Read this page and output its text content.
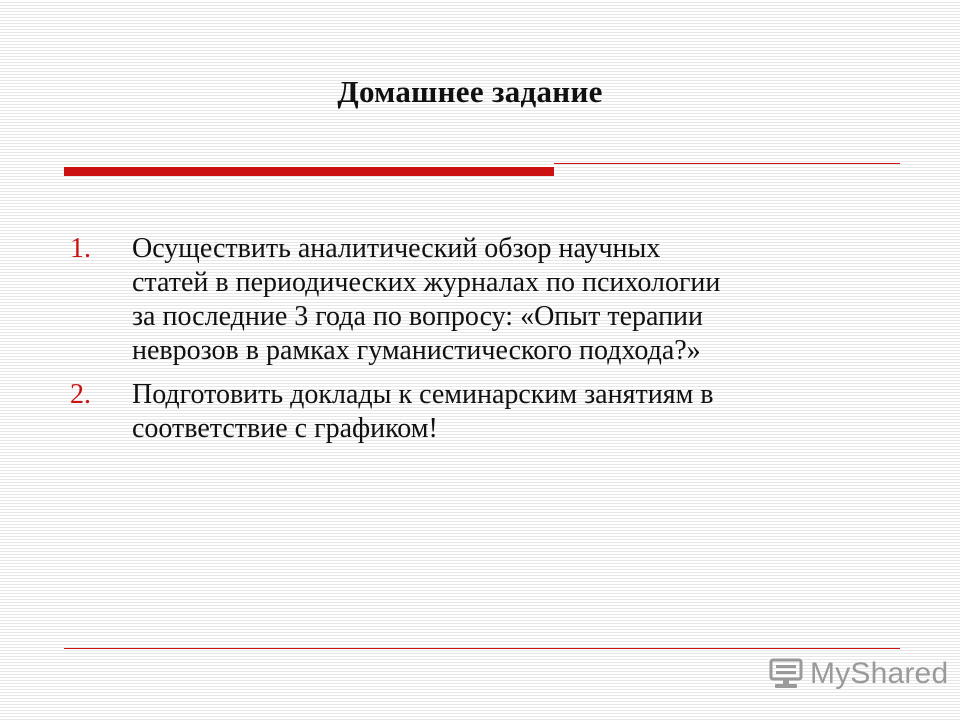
Домашнее задание
1.	Осуществить аналитический обзор научных
статей в периодических журналах по психологии
за последние 3 года по вопросу: «Опыт терапии
неврозов в рамках гуманистического подхода?»
2.	Подготовить доклады к семинарским занятиям в
соответствие с графиком!
MyShared
